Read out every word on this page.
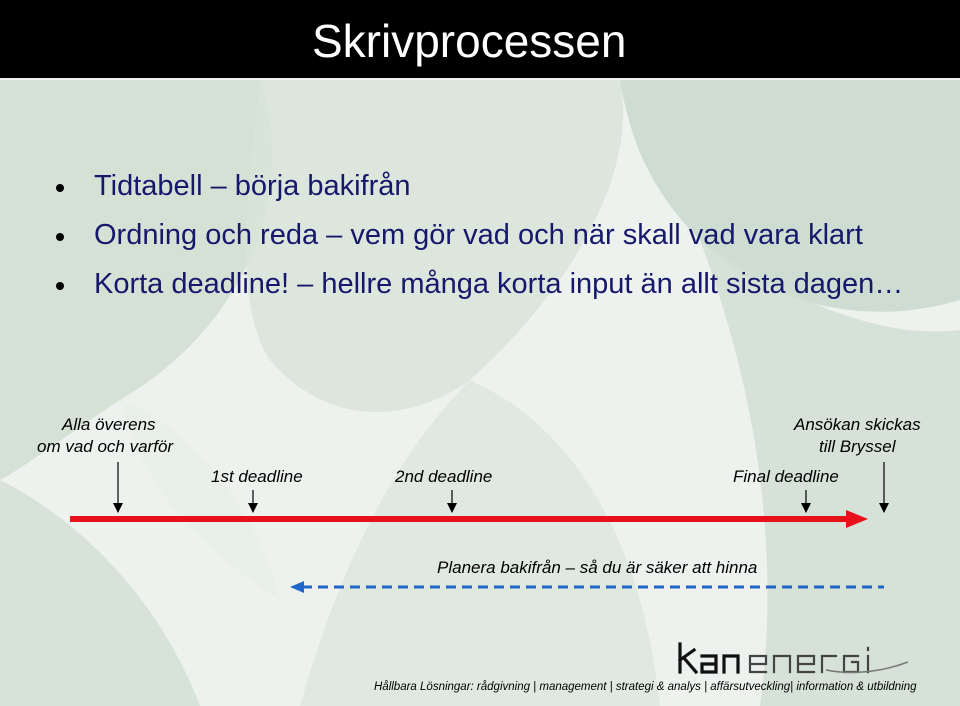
Skrivprocessen
Tidtabell – börja bakifrån
Ordning och reda – vem gör vad och när skall vad vara klart
Korta deadline! – hellre många korta input än allt sista dagen…
Alla överens
om vad och varför
Ansökan skickas
till Bryssel
1st deadline	2nd deadline	Final deadline
Planera bakifrån – så du är säker att hinna
Hållbara Lösningar: rådgivning | management | strategi & analys | affärsutveckling| information & utbildning
